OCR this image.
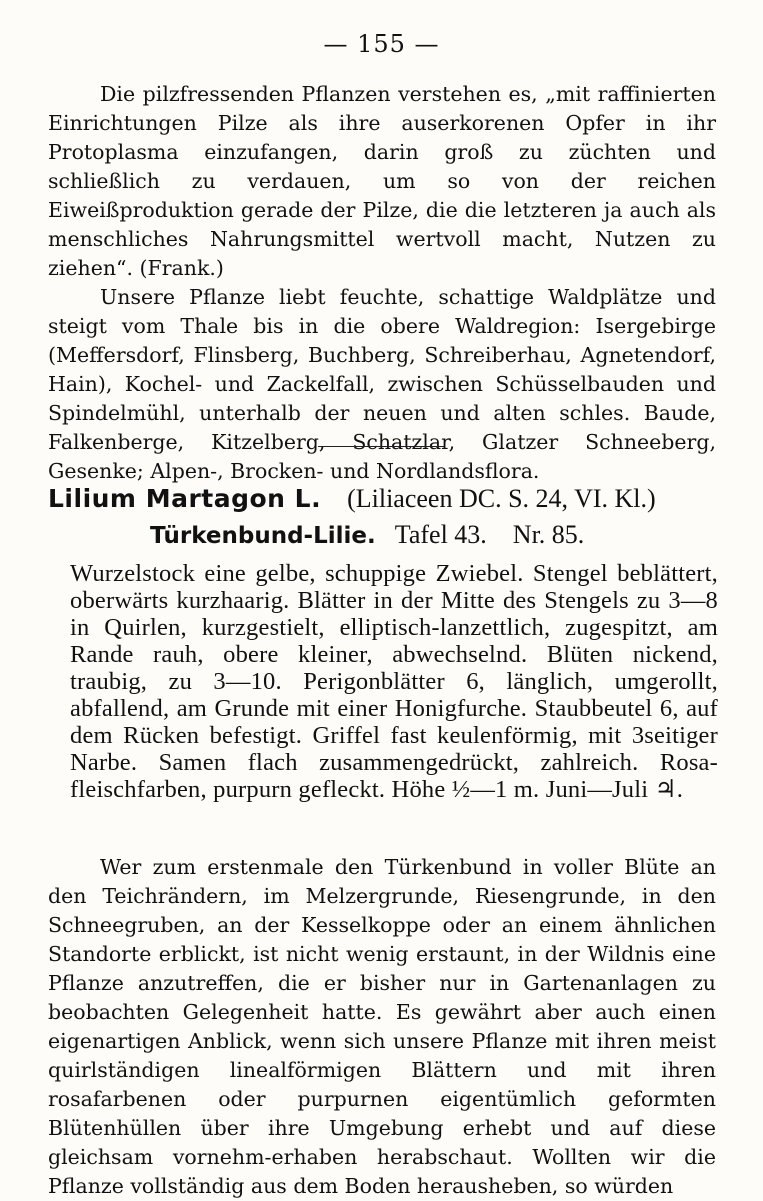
— 155 —

Die pilzfressenden Pflanzen verstehen es, „mit raffinierten Einrichtungen Pilze als ihre auserkorenen Opfer in ihr Protoplasma einzufangen, darin groß zu züchten und schließlich zu verdauen, um so von der reichen Eiweißproduktion gerade der Pilze, die die letzteren ja auch als menschliches Nahrungsmittel wertvoll macht, Nutzen zu ziehen“. (Frank.)

Unsere Pflanze liebt feuchte, schattige Waldplätze und steigt vom Thale bis in die obere Waldregion: Isergebirge (Meffersdorf, Flinsberg, Buchberg, Schreiberhau, Agnetendorf, Hain), Kochel- und Zackelfall, zwischen Schüsselbauden und Spindelmühl, unterhalb der neuen und alten schles. Baude, Falkenberge, Kitzelberg, Schatzlar, Glatzer Schneeberg, Gesenke; Alpen-, Brocken- und Nordlandsflora.

Lilium Martagon L. (Liliaceen DC. S. 24, VI. Kl.)
Türkenbund-Lilie. Tafel 43. Nr. 85.
Wurzelstock eine gelbe, schuppige Zwiebel. Stengel beblättert, oberwärts kurzhaarig. Blätter in der Mitte des Stengels zu 3—8 in Quirlen, kurzgestielt, elliptisch-lanzettlich, zugespitzt, am Rande rauh, obere kleiner, abwechselnd. Blüten nickend, traubig, zu 3—10. Perigonblätter 6, länglich, umgerollt, abfallend, am Grunde mit einer Honigfurche. Staubbeutel 6, auf dem Rücken befestigt. Griffel fast keulenförmig, mit 3seitiger Narbe. Samen flach zusammengedrückt, zahlreich. Rosa-fleischfarben, purpurn gefleckt. Höhe ½—1 m. Juni—Juli ♃.

Wer zum erstenmale den Türkenbund in voller Blüte an den Teichrändern, im Melzergrunde, Riesengrunde, in den Schneegruben, an der Kesselkoppe oder an einem ähnlichen Standorte erblickt, ist nicht wenig erstaunt, in der Wildnis eine Pflanze anzutreffen, die er bisher nur in Gartenanlagen zu beobachten Gelegenheit hatte. Es gewährt aber auch einen eigenartigen Anblick, wenn sich unsere Pflanze mit ihren meist quirlständigen linealförmigen Blättern und mit ihren rosafarbenen oder purpurnen eigentümlich geformten Blütenhüllen über ihre Umgebung erhebt und auf diese gleichsam vornehm-erhaben herabschaut. Wollten wir die Pflanze vollständig aus dem Boden herausheben, so würden
